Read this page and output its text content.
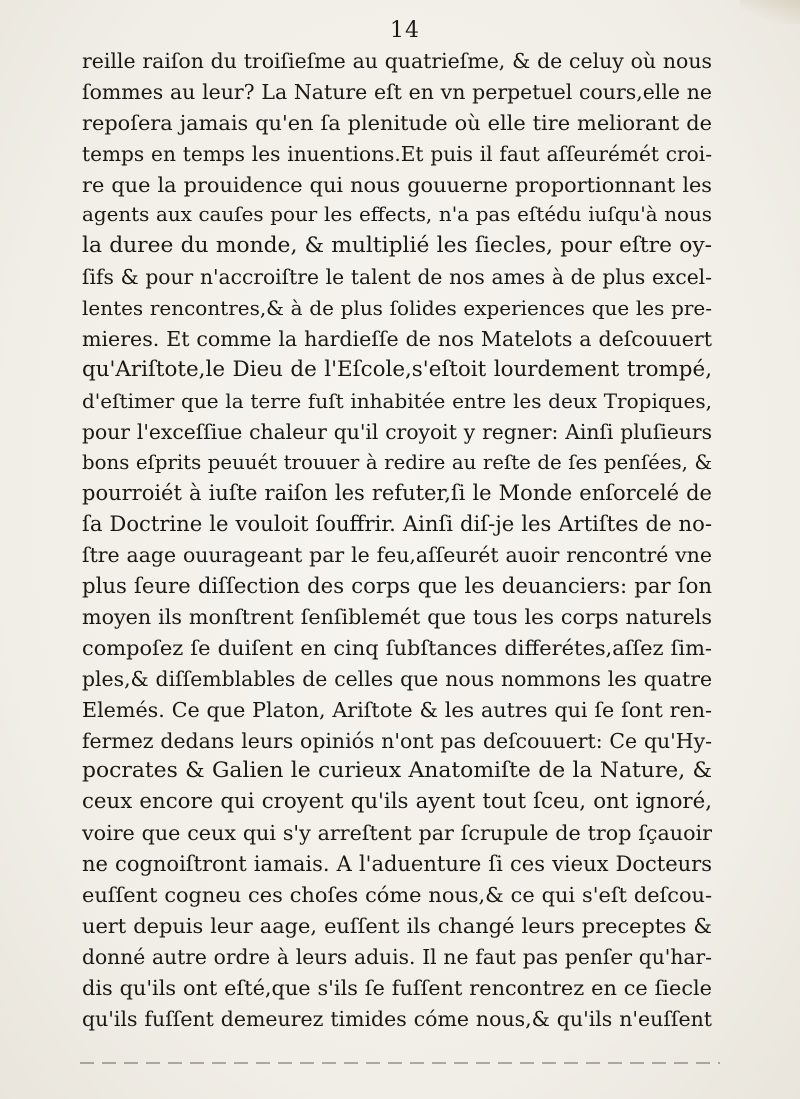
14
reille raiſon du troiſieſme au quatrieſme, & de celuy où nous
ſommes au leur? La Nature eſt en vn perpetuel cours,elle ne
repoſera jamais qu'en ſa plenitude où elle tire meliorant de
temps en temps les inuentions.Et puis il faut aſſeurémét croi-
re que la prouidence qui nous gouuerne proportionnant les
agents aux cauſes pour les effects, n'a pas eſtédu iuſqu'à nous
la duree du monde, & multiplié les ſiecles, pour eſtre oy-
ſifs & pour n'accroiſtre le talent de nos ames à de plus excel-
lentes rencontres,& à de plus ſolides experiences que les pre-
mieres. Et comme la hardieſſe de nos Matelots a deſcouuert
qu'Ariſtote,le Dieu de l'Eſcole,s'eſtoit lourdement trompé,
d'eſtimer que la terre fuſt inhabitée entre les deux Tropiques,
pour l'exceſſiue chaleur qu'il croyoit y regner: Ainſi pluſieurs
bons eſprits peuuét trouuer à redire au reſte de ſes penſées, &
pourroiét à iuſte raiſon les refuter,ſi le Monde enſorcelé de
ſa Doctrine le vouloit ſouffrir. Ainſi diſ-je les Artiſtes de no-
ſtre aage ouurageant par le feu,aſſeurét auoir rencontré vne
plus ſeure diſſection des corps que les deuanciers: par ſon
moyen ils monſtrent ſenſiblemét que tous les corps naturels
compoſez ſe duiſent en cinq ſubſtances differétes,aſſez ſim-
ples,& diſſemblables de celles que nous nommons les quatre
Elemés. Ce que Platon, Ariſtote & les autres qui ſe ſont ren-
fermez dedans leurs opiniós n'ont pas deſcouuert: Ce qu'Hy-
pocrates & Galien le curieux Anatomiſte de la Nature, &
ceux encore qui croyent qu'ils ayent tout ſceu, ont ignoré,
voire que ceux qui s'y arreſtent par ſcrupule de trop ſçauoir
ne cognoiſtront iamais. A l'aduenture ſi ces vieux Docteurs
euſſent cogneu ces choſes cóme nous,& ce qui s'eſt deſcou-
uert depuis leur aage, euſſent ils changé leurs preceptes &
donné autre ordre à leurs aduis. Il ne faut pas penſer qu'har-
dis qu'ils ont eſté,que s'ils ſe fuſſent rencontrez en ce ſiecle
qu'ils fuſſent demeurez timides cóme nous,& qu'ils n'euſſent
